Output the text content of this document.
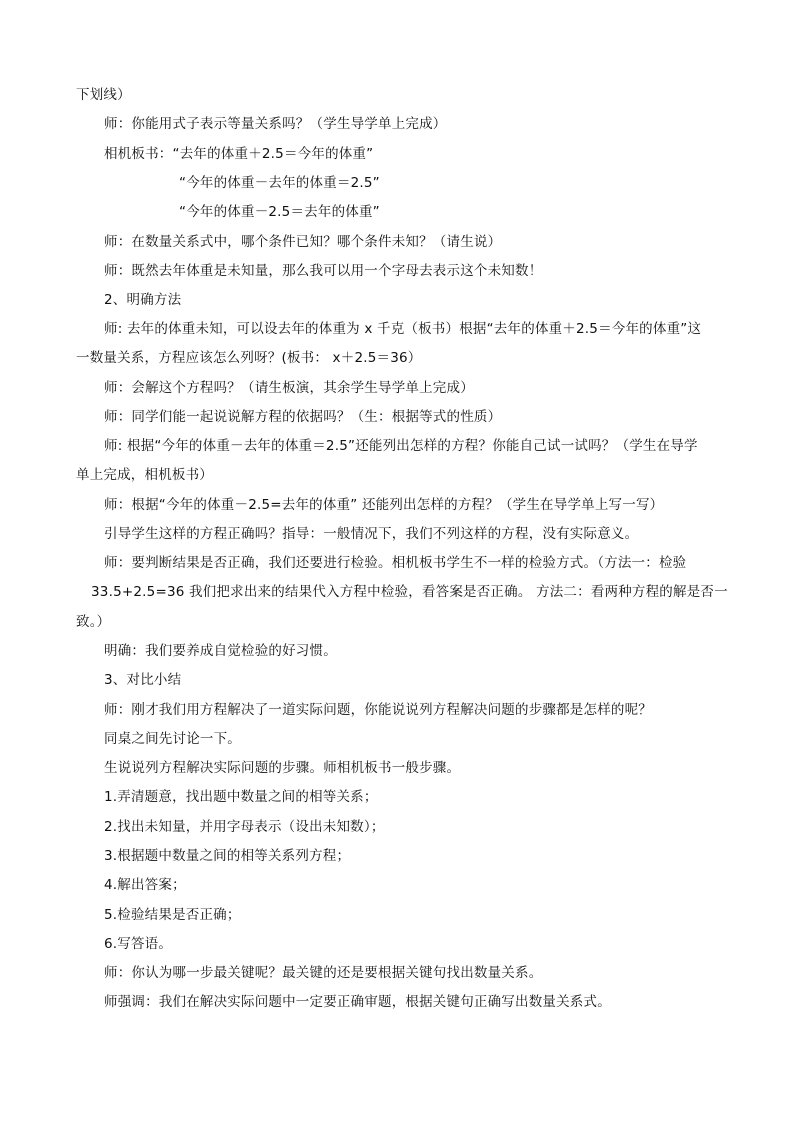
下划线）
师：你能用式子表示等量关系吗？（学生导学单上完成）
相机板书：“去年的体重＋2.5＝今年的体重”
“今年的体重－去年的体重＝2.5”
“今年的体重－2.5＝去年的体重”
师：在数量关系式中，哪个条件已知？哪个条件未知？（请生说）
师：既然去年体重是未知量，那么我可以用一个字母去表示这个未知数！
2、明确方法
师: 去年的体重未知，可以设去年的体重为 x 千克（板书）根据“去年的体重＋2.5＝今年的体重”这
一数量关系，方程应该怎么列呀？(板书： x＋2.5＝36）
师：会解这个方程吗？（请生板演，其余学生导学单上完成）
师：同学们能一起说说解方程的依据吗？（生：根据等式的性质）
师: 根据“今年的体重－去年的体重＝2.5”还能列出怎样的方程？你能自己试一试吗？（学生在导学
单上完成，相机板书）
师：根据“今年的体重－2.5=去年的体重” 还能列出怎样的方程？（学生在导学单上写一写）
引导学生这样的方程正确吗？指导：一般情况下，我们不列这样的方程，没有实际意义。
师：要判断结果是否正确，我们还要进行检验。相机板书学生不一样的检验方式。（方法一：检验
33.5+2.5=36 我们把求出来的结果代入方程中检验，看答案是否正确。 方法二：看两种方程的解是否一
致。）
明确：我们要养成自觉检验的好习惯。
3、对比小结
师：刚才我们用方程解决了一道实际问题，你能说说列方程解决问题的步骤都是怎样的呢？
同桌之间先讨论一下。
生说说列方程解决实际问题的步骤。师相机板书一般步骤。
1.弄清题意，找出题中数量之间的相等关系；
2.找出未知量，并用字母表示（设出未知数）；
3.根据题中数量之间的相等关系列方程；
4.解出答案；
5.检验结果是否正确；
6.写答语。
师：你认为哪一步最关键呢？最关键的还是要根据关键句找出数量关系。
师强调：我们在解决实际问题中一定要正确审题，根据关键句正确写出数量关系式。
